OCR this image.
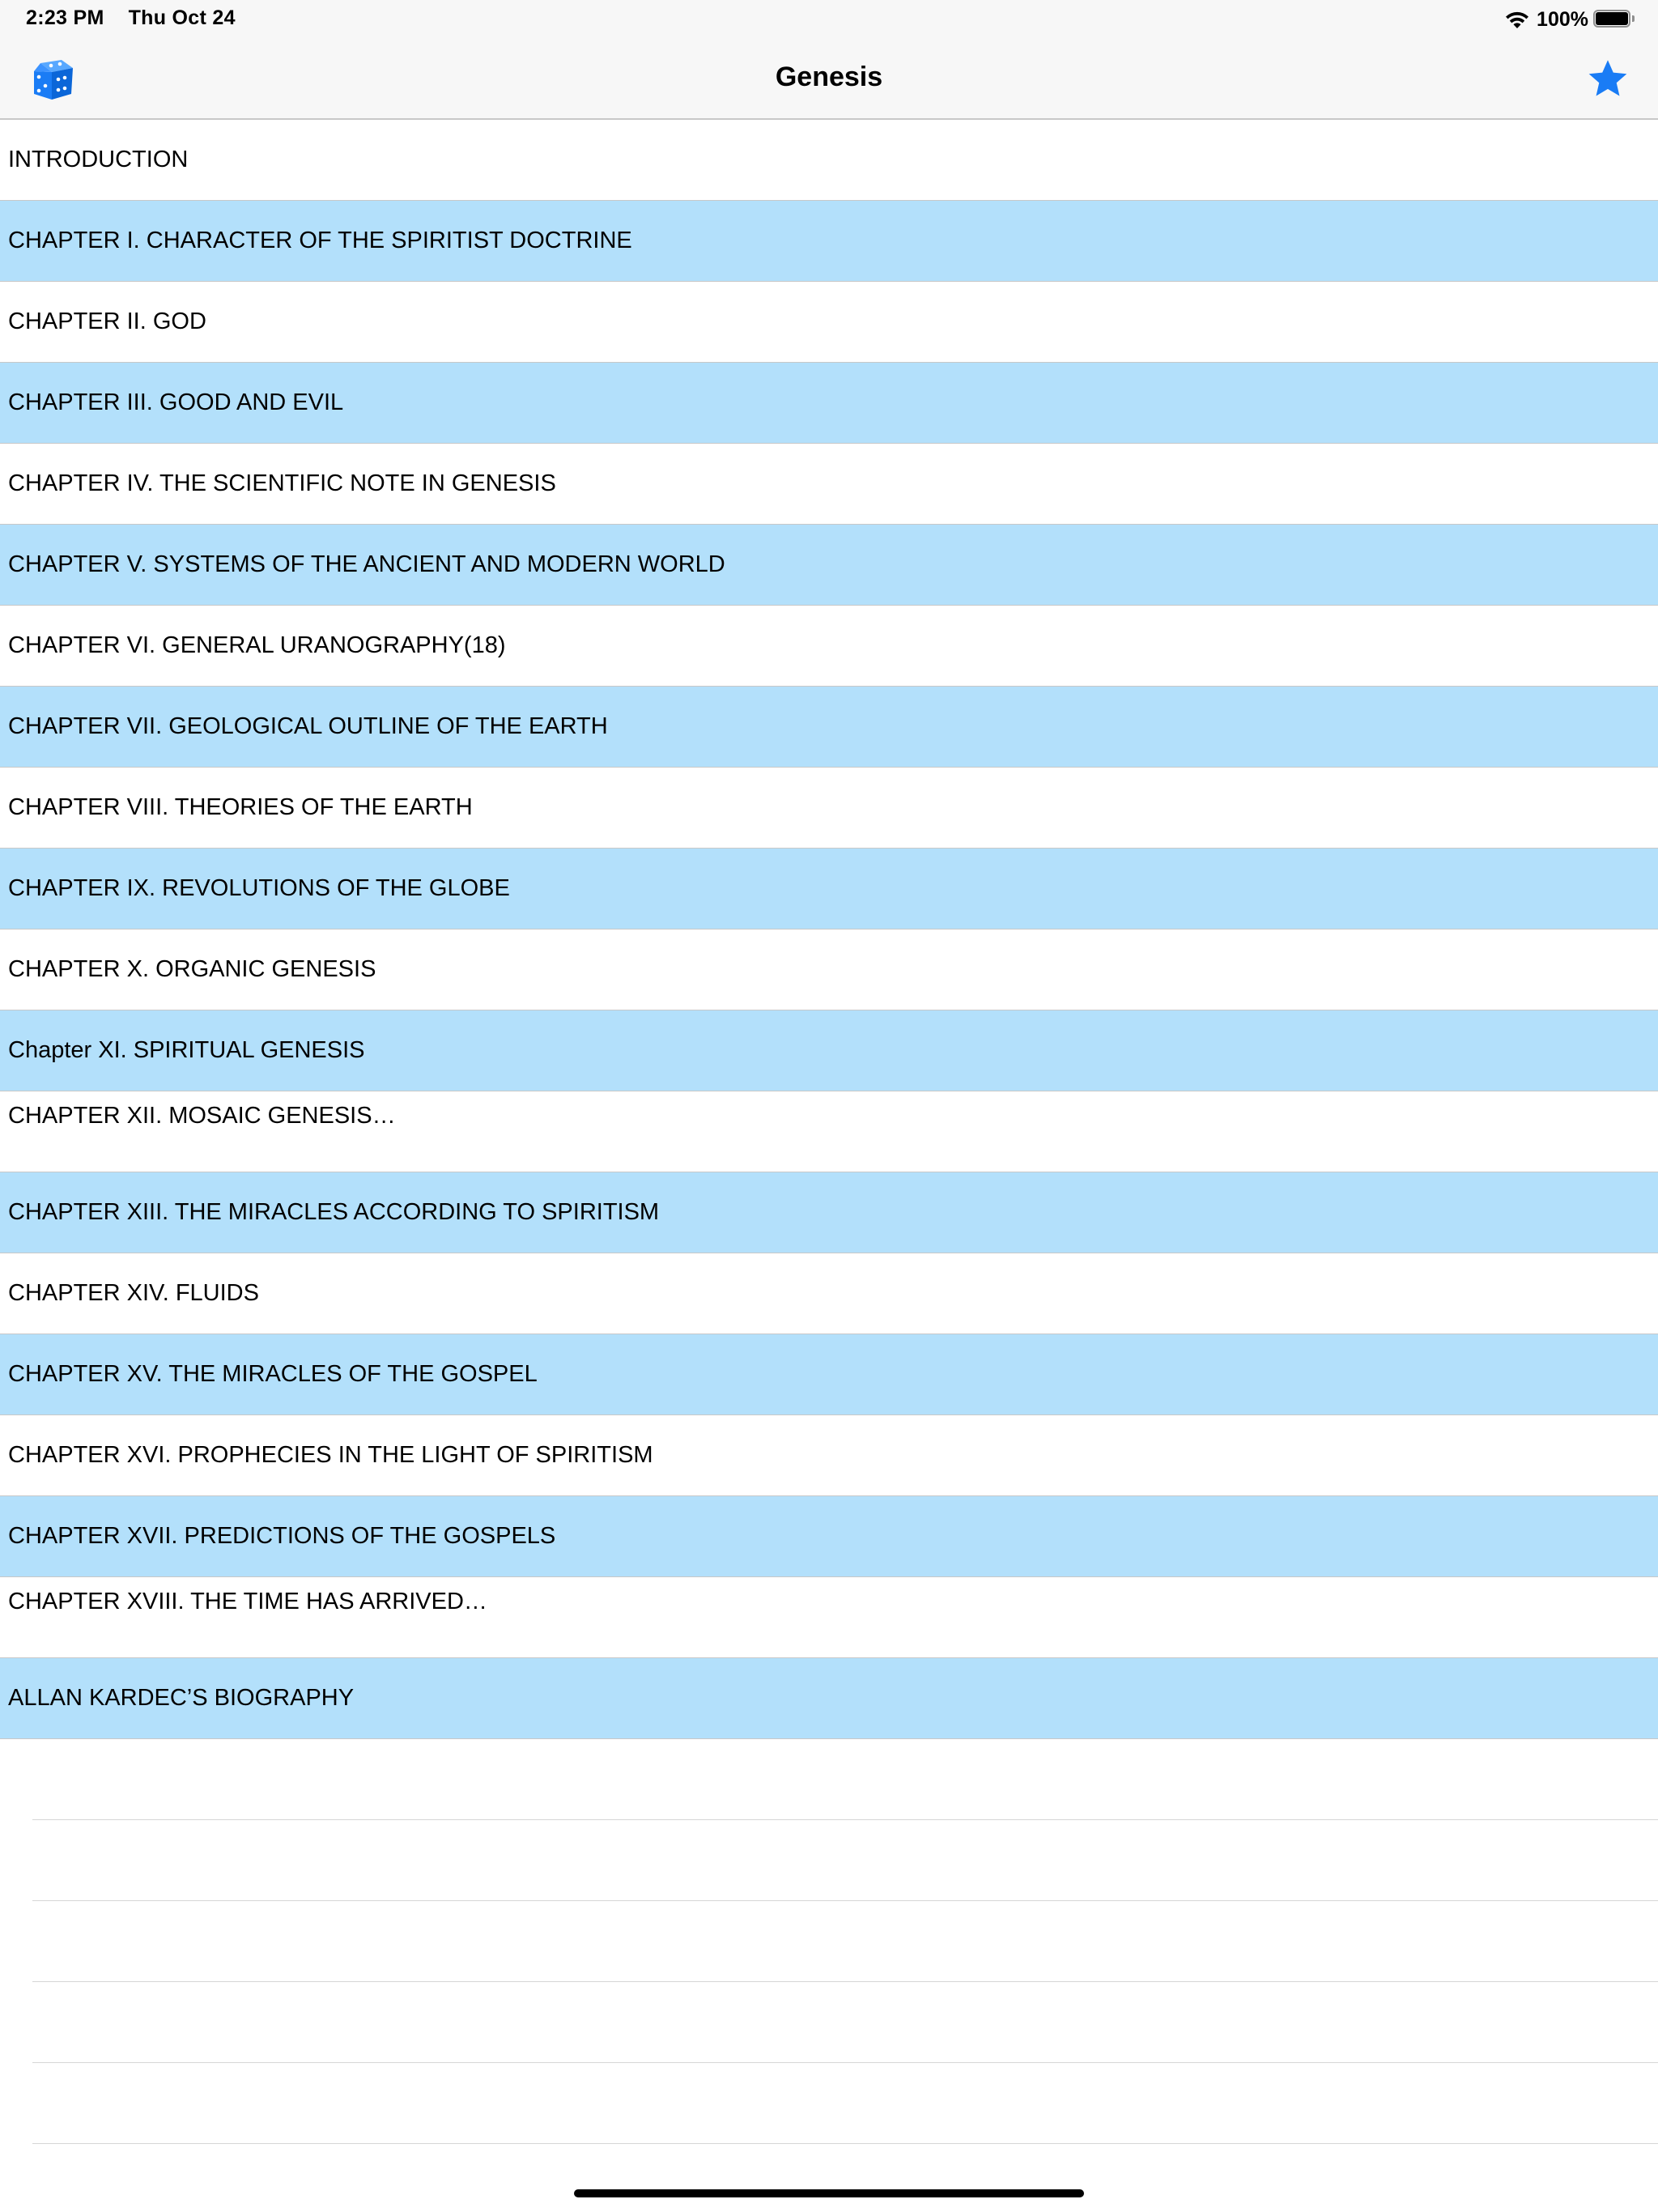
2:23 PM Thu Oct 24	100%
Genesis
INTRODUCTION
CHAPTER I. CHARACTER OF THE SPIRITIST DOCTRINE
CHAPTER II. GOD
CHAPTER III. GOOD AND EVIL
CHAPTER IV. THE SCIENTIFIC NOTE IN GENESIS
CHAPTER V. SYSTEMS OF THE ANCIENT AND MODERN WORLD
CHAPTER VI. GENERAL URANOGRAPHY(18)
CHAPTER VII. GEOLOGICAL OUTLINE OF THE EARTH
CHAPTER VIII. THEORIES OF THE EARTH
CHAPTER IX. REVOLUTIONS OF THE GLOBE
CHAPTER X. ORGANIC GENESIS
Chapter XI. SPIRITUAL GENESIS
CHAPTER XII. MOSAIC GENESIS…
CHAPTER XIII. THE MIRACLES ACCORDING TO SPIRITISM
CHAPTER XIV. FLUIDS
CHAPTER XV. THE MIRACLES OF THE GOSPEL
CHAPTER XVI. PROPHECIES IN THE LIGHT OF SPIRITISM
CHAPTER XVII. PREDICTIONS OF THE GOSPELS
CHAPTER XVIII. THE TIME HAS ARRIVED…
ALLAN KARDEC’S BIOGRAPHY
